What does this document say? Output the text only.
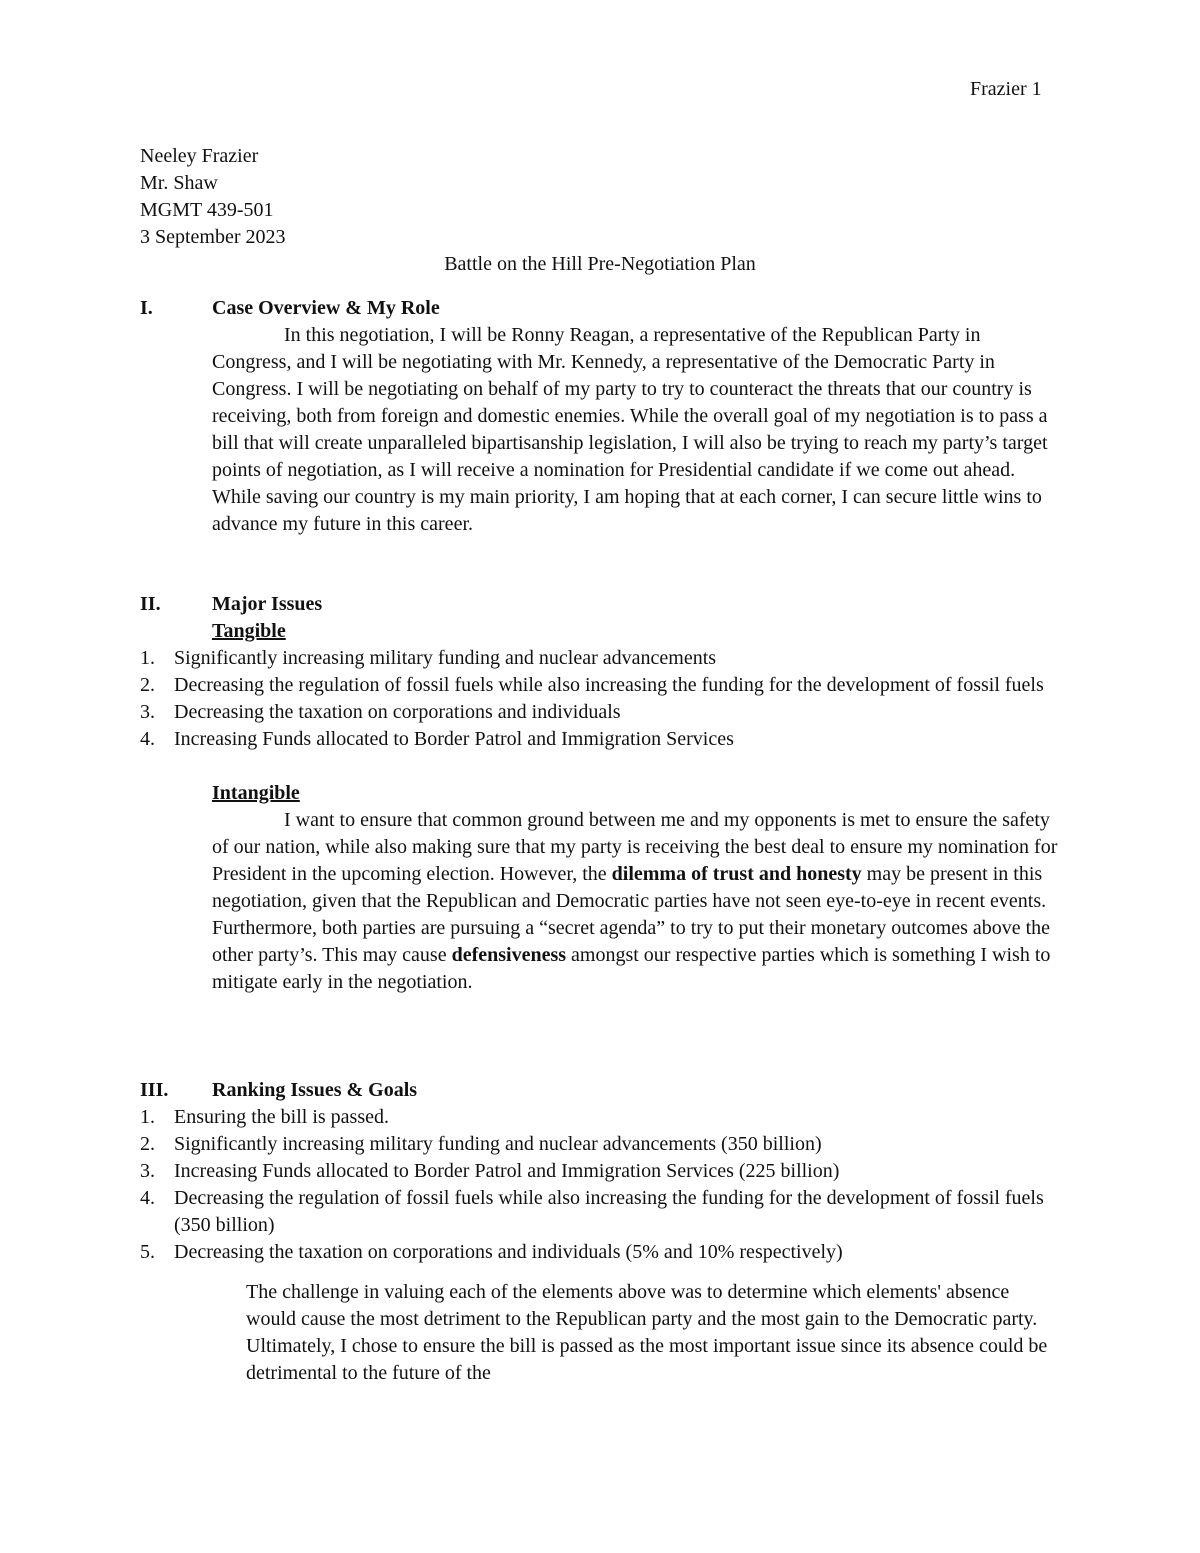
Frazier 1
Neeley Frazier
Mr. Shaw
MGMT 439-501
3 September 2023
Battle on the Hill Pre-Negotiation Plan
I.	Case Overview & My Role
In this negotiation, I will be Ronny Reagan, a representative of the Republican Party in Congress, and I will be negotiating with Mr. Kennedy, a representative of the Democratic Party in Congress. I will be negotiating on behalf of my party to try to counteract the threats that our country is receiving, both from foreign and domestic enemies. While the overall goal of my negotiation is to pass a bill that will create unparalleled bipartisanship legislation, I will also be trying to reach my party’s target points of negotiation, as I will receive a nomination for Presidential candidate if we come out ahead. While saving our country is my main priority, I am hoping that at each corner, I can secure little wins to advance my future in this career.
II.	Major Issues
Tangible
1. Significantly increasing military funding and nuclear advancements
2. Decreasing the regulation of fossil fuels while also increasing the funding for the development of fossil fuels
3. Decreasing the taxation on corporations and individuals
4. Increasing Funds allocated to Border Patrol and Immigration Services
Intangible
I want to ensure that common ground between me and my opponents is met to ensure the safety of our nation, while also making sure that my party is receiving the best deal to ensure my nomination for President in the upcoming election. However, the dilemma of trust and honesty may be present in this negotiation, given that the Republican and Democratic parties have not seen eye-to-eye in recent events. Furthermore, both parties are pursuing a “secret agenda” to try to put their monetary outcomes above the other party’s. This may cause defensiveness amongst our respective parties which is something I wish to mitigate early in the negotiation.
III. Ranking Issues & Goals
1. Ensuring the bill is passed.
2. Significantly increasing military funding and nuclear advancements (350 billion)
3. Increasing Funds allocated to Border Patrol and Immigration Services (225 billion)
4. Decreasing the regulation of fossil fuels while also increasing the funding for the development of fossil fuels (350 billion)
5. Decreasing the taxation on corporations and individuals (5% and 10% respectively)
The challenge in valuing each of the elements above was to determine which elements' absence would cause the most detriment to the Republican party and the most gain to the Democratic party. Ultimately, I chose to ensure the bill is passed as the most important issue since its absence could be detrimental to the future of the
